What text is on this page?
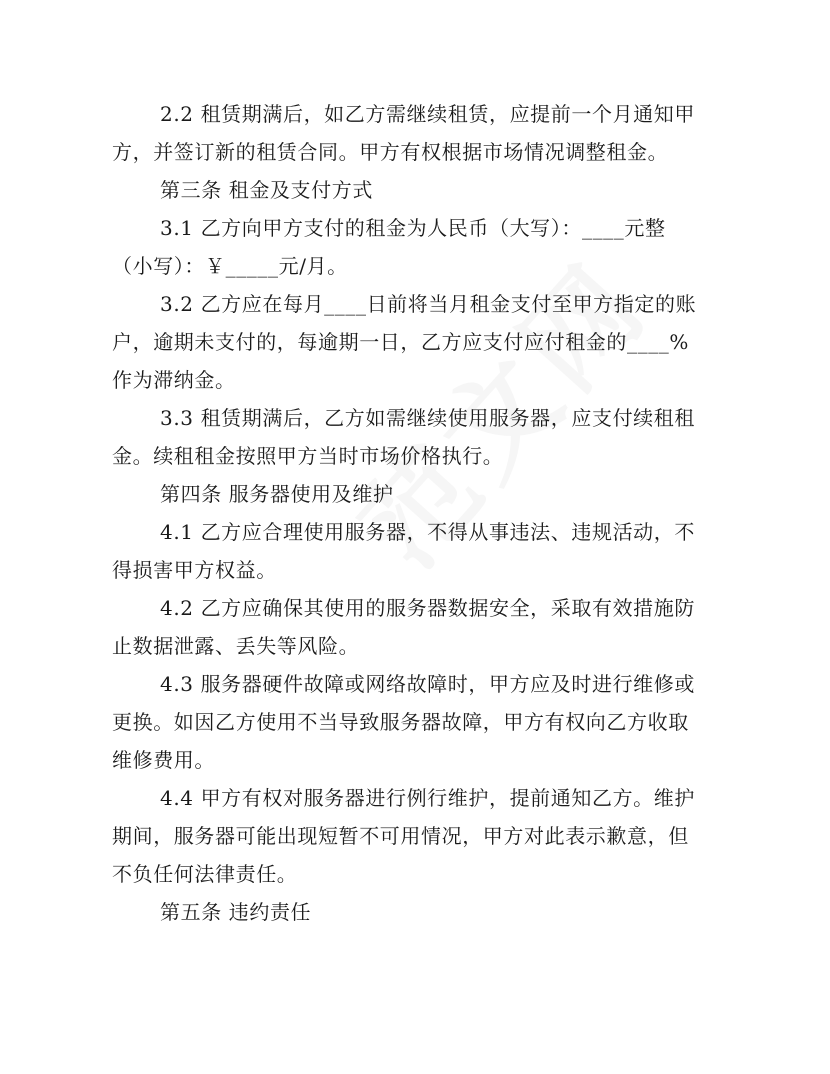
2.2 租赁期满后，如乙方需继续租赁，应提前一个月通知甲方，并签订新的租赁合同。甲方有权根据市场情况调整租金。

第三条 租金及支付方式

3.1 乙方向甲方支付的租金为人民币（大写）：____元整（小写）：￥_____元/月。

3.2 乙方应在每月____日前将当月租金支付至甲方指定的账户，逾期未支付的，每逾期一日，乙方应支付应付租金的____%作为滞纳金。

3.3 租赁期满后，乙方如需继续使用服务器，应支付续租租金。续租租金按照甲方当时市场价格执行。

第四条 服务器使用及维护

4.1 乙方应合理使用服务器，不得从事违法、违规活动，不得损害甲方权益。

4.2 乙方应确保其使用的服务器数据安全，采取有效措施防止数据泄露、丢失等风险。

4.3 服务器硬件故障或网络故障时，甲方应及时进行维修或更换。如因乙方使用不当导致服务器故障，甲方有权向乙方收取维修费用。

4.4 甲方有权对服务器进行例行维护，提前通知乙方。维护期间，服务器可能出现短暂不可用情况，甲方对此表示歉意，但不负任何法律责任。

第五条 违约责任
